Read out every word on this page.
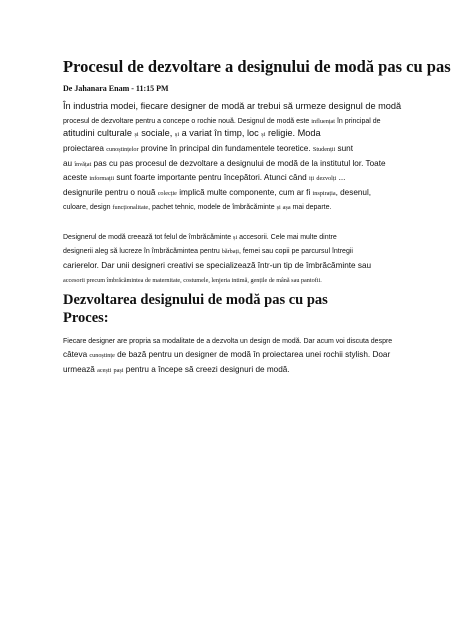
Procesul de dezvoltare a designului de modă pas cu pas
De Jahanara Enam - 11:15 PM
În industria modei, fiecare designer de modă ar trebui să urmeze designul de modă
procesul de dezvoltare pentru a concepe o rochie nouă. Designul de modă este influențat în principal de
atitudini culturale și sociale, și a variat în timp, loc și religie. Moda
proiectarea cunoștințelor provine în principal din fundamentele teoretice. Studenții sunt
au învățat pas cu pas procesul de dezvoltare a designului de modă de la institutul lor. Toate
aceste informații sunt foarte importante pentru începători. Atunci când iți dezvolți ...
designurile pentru o nouă colecție implică multe componente, cum ar fi inspirația, desenul,
culoare, design funcționalitate, pachet tehnic, modele de îmbrăcăminte și așa mai departe.
Designerul de modă creează tot felul de îmbrăcăminte și accesorii. Cele mai multe dintre
designerii aleg să lucreze în îmbrăcămintea pentru bărbați, femei sau copii pe parcursul întregii
carierelor. Dar unii designeri creativi se specializează într-un tip de îmbrăcăminte sau
accesorii precum îmbrăcămintea de maternitate, costumele, lenjeria intimă, gențile de mână sau pantofii.
Dezvoltarea designului de modă pas cu pas
Proces:
Fiecare designer are propria sa modalitate de a dezvolta un design de modă. Dar acum voi discuta despre
câteva cunoștințe de bază pentru un designer de modă în proiectarea unei rochii stylish. Doar
urmează acești pași pentru a începe să creezi designuri de modă.
